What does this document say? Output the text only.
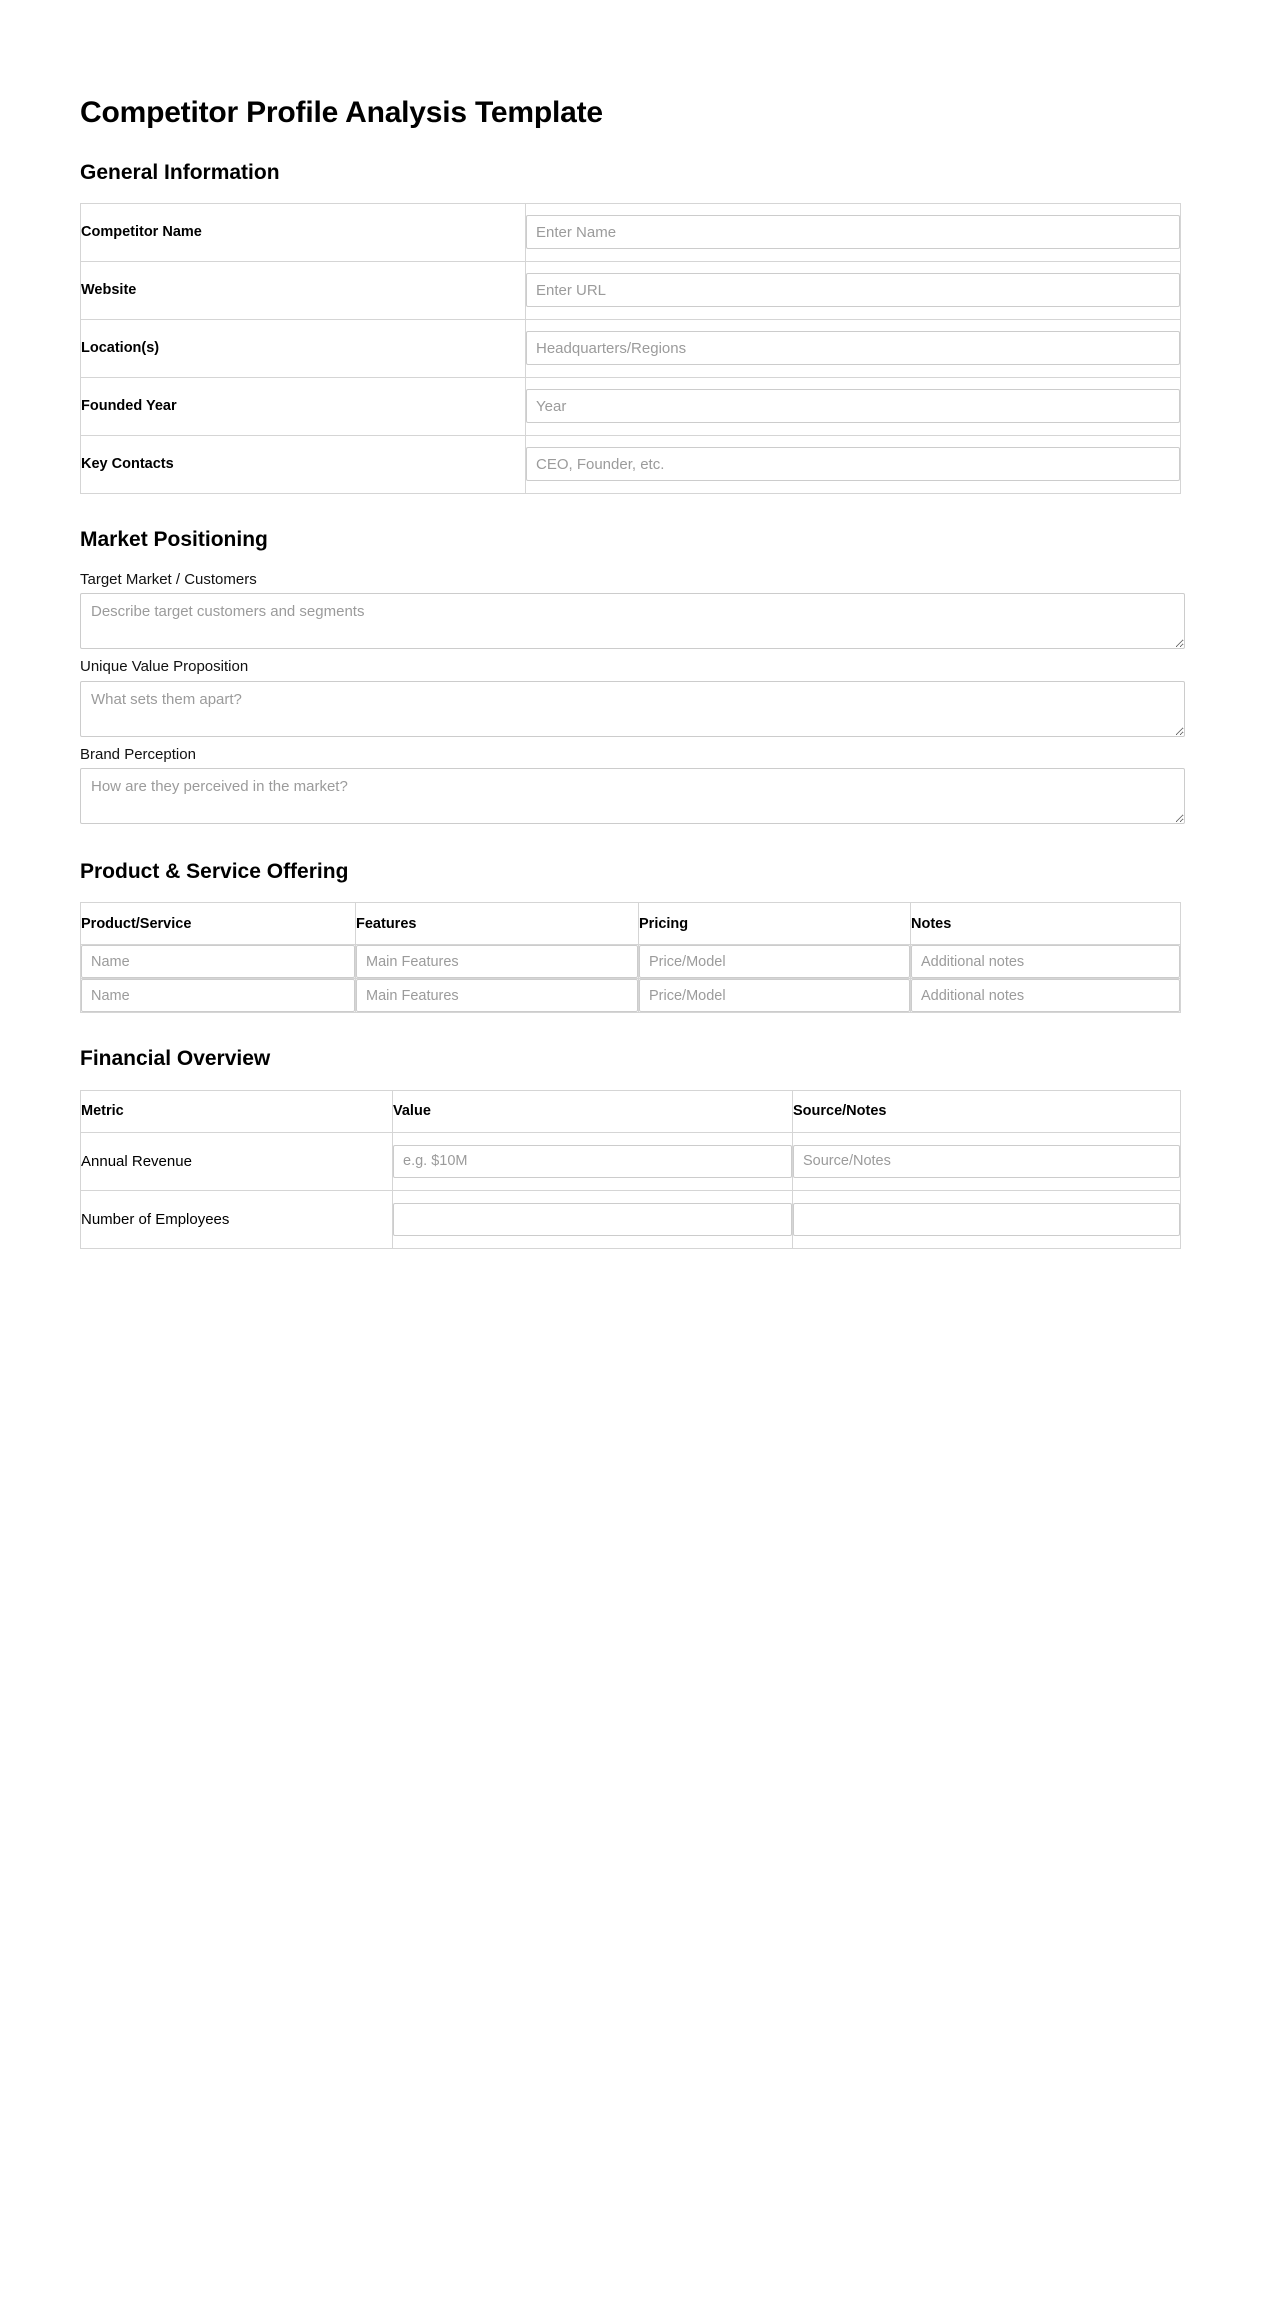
Competitor Profile Analysis Template
General Information
Competitor Name	Enter Name
Website	Enter URL
Location(s)	Headquarters/Regions
Founded Year	Year
Key Contacts	CEO, Founder, etc.
Market Positioning
Target Market / Customers
Describe target customers and segments
Unique Value Proposition
What sets them apart?
Brand Perception
How are they perceived in the market?
Product & Service Offering
Product/Service	Features	Pricing	Notes
Name	Main Features	Price/Model	Additional notes
Name	Main Features	Price/Model	Additional notes
Financial Overview
Metric	Value	Source/Notes
Annual Revenue	e.g. $10M	Source/Notes
Number of Employees		
